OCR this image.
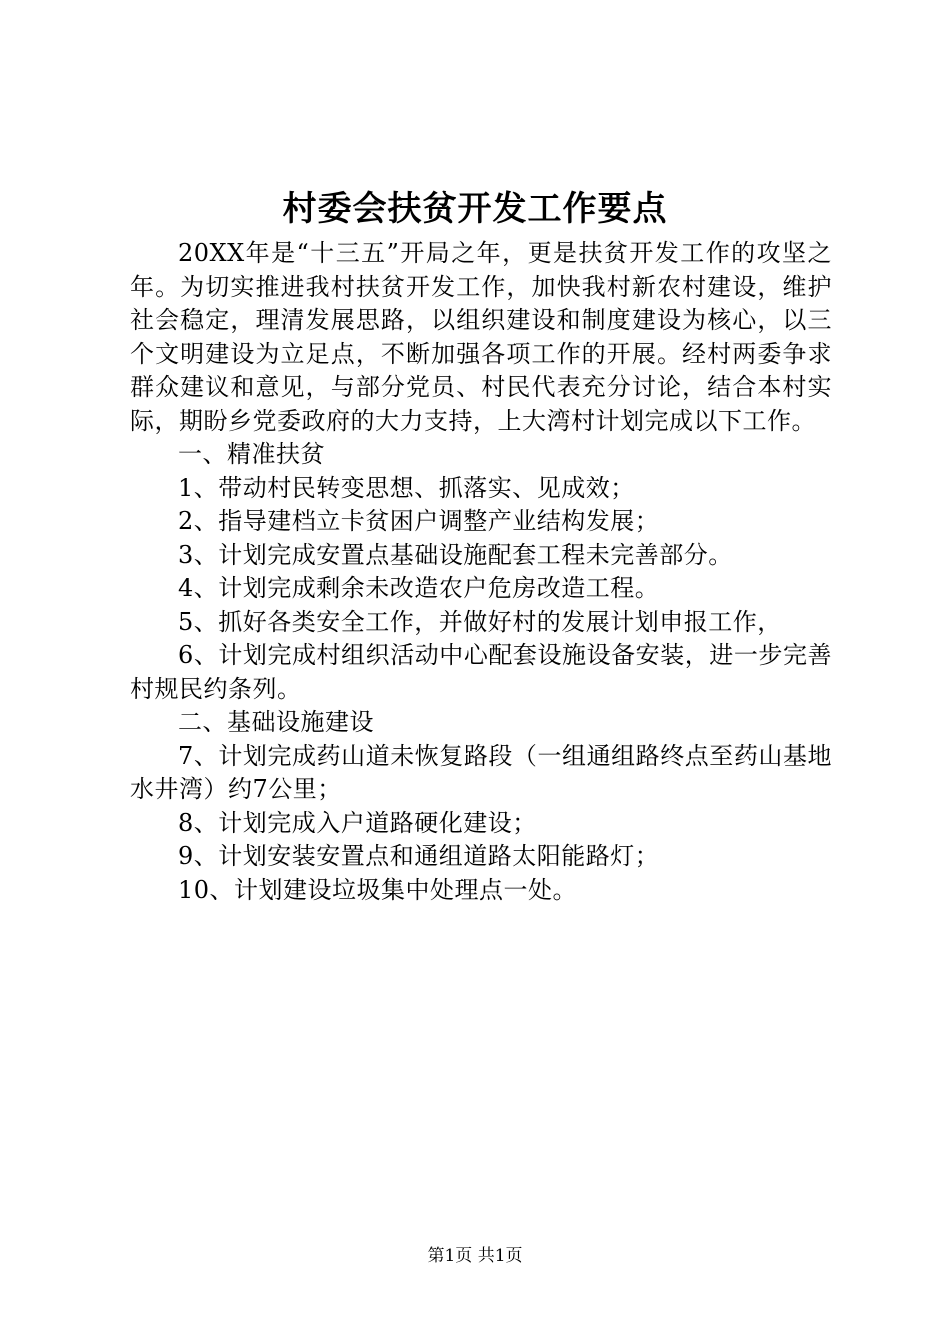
村委会扶贫开发工作要点

20XX年是“十三五”开局之年，更是扶贫开发工作的攻坚之年。为切实推进我村扶贫开发工作，加快我村新农村建设，维护社会稳定，理清发展思路，以组织建设和制度建设为核心，以三个文明建设为立足点，不断加强各项工作的开展。经村两委争求群众建议和意见，与部分党员、村民代表充分讨论，结合本村实际，期盼乡党委政府的大力支持，上大湾村计划完成以下工作。

一、精准扶贫

1、带动村民转变思想、抓落实、见成效；

2、指导建档立卡贫困户调整产业结构发展；

3、计划完成安置点基础设施配套工程未完善部分。

4、计划完成剩余未改造农户危房改造工程。

5、抓好各类安全工作，并做好村的发展计划申报工作，

6、计划完成村组织活动中心配套设施设备安装，进一步完善村规民约条列。

二、基础设施建设

7、计划完成药山道未恢复路段（一组通组路终点至药山基地水井湾）约7公里；

8、计划完成入户道路硬化建设；

9、计划安装安置点和通组道路太阳能路灯；

10、计划建设垃圾集中处理点一处。

第1页 共1页
